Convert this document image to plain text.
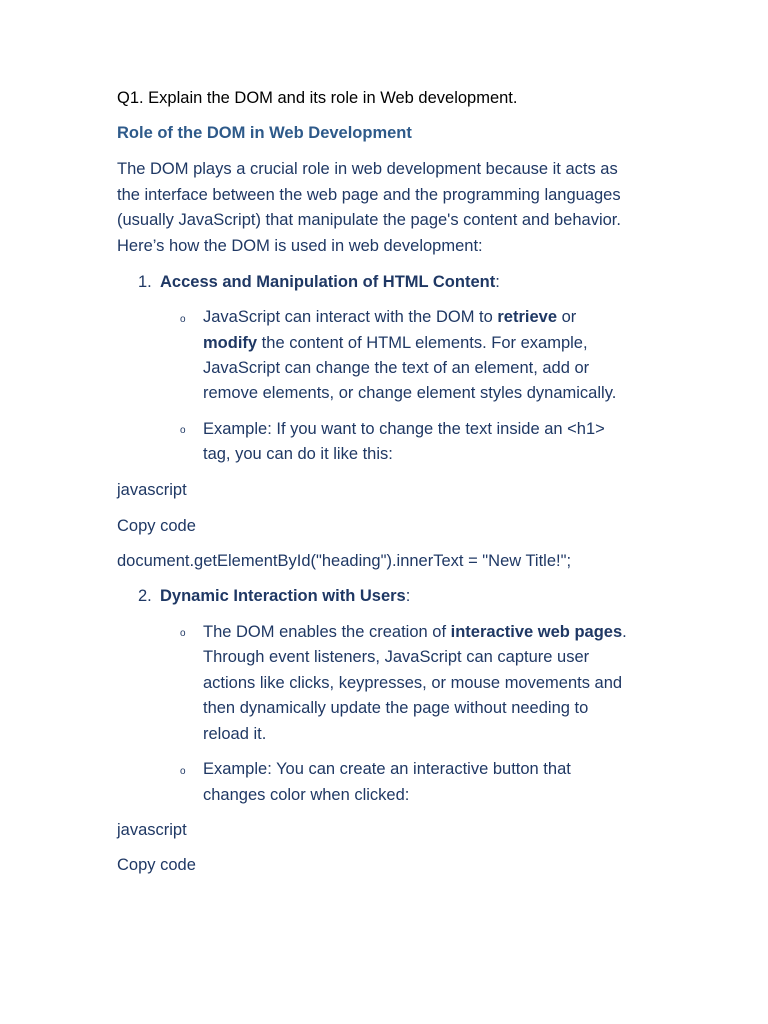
Q1. Explain the DOM and its role in Web development.

Role of the DOM in Web Development

The DOM plays a crucial role in web development because it acts as

the interface between the web page and the programming languages

(usually JavaScript) that manipulate the page's content and behavior.

Here’s how the DOM is used in web development:

1. Access and Manipulation of HTML Content:

o JavaScript can interact with the DOM to retrieve or

modify the content of HTML elements. For example,

JavaScript can change the text of an element, add or

remove elements, or change element styles dynamically.

o Example: If you want to change the text inside an <h1>

tag, you can do it like this:

javascript

Copy code

document.getElementById("heading").innerText = "New Title!";

2. Dynamic Interaction with Users:

o The DOM enables the creation of interactive web pages.

Through event listeners, JavaScript can capture user

actions like clicks, keypresses, or mouse movements and

then dynamically update the page without needing to

reload it.

o Example: You can create an interactive button that

changes color when clicked:

javascript

Copy code
